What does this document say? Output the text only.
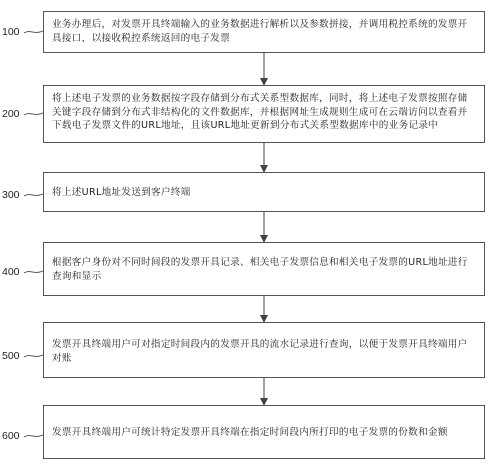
100
业务办理后，对发票开具终端输入的业务数据进行解析以及参数拼接，并调用税控系统的发票开具接口，以接收税控系统返回的电子发票
200
将上述电子发票的业务数据按字段存储到分布式关系型数据库，同时，将上述电子发票按照存储关键字段存储到分布式非结构化的文件数据库，并根据网址生成规则生成可在云端访问以查看并下载电子发票文件的URL地址，且该URL地址更新到分布式关系型数据库中的业务记录中
300	将上述URL地址发送到客户终端
400
根据客户身份对不同时间段的发票开具记录、相关电子发票信息和相关电子发票的URL地址进行查询和显示
500
发票开具终端用户可对指定时间段内的发票开具的流水记录进行查询，以便于发票开具终端用户对账
600	发票开具终端用户可统计特定发票开具终端在指定时间段内所打印的电子发票的份数和金额
